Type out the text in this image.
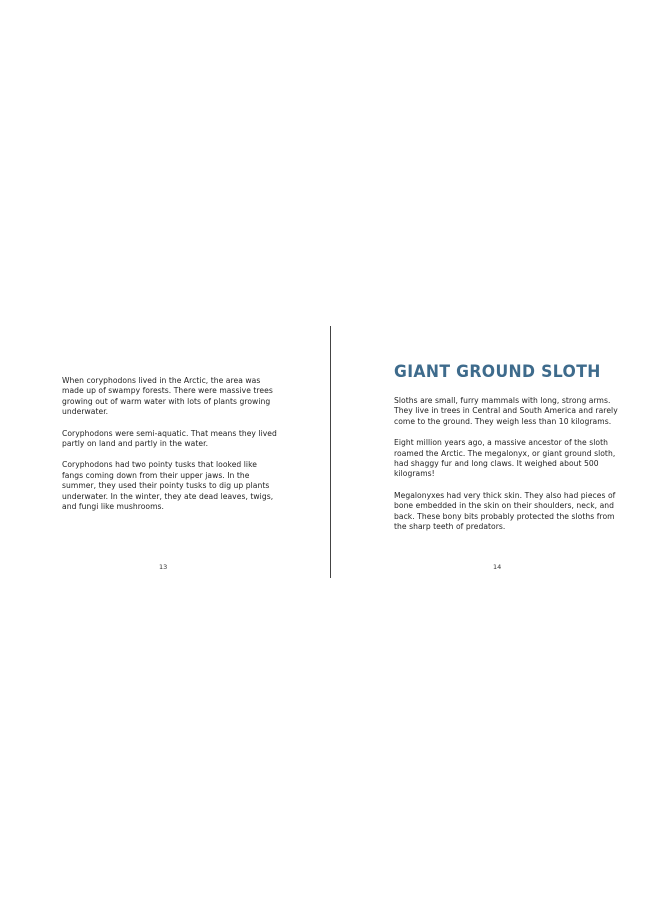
When coryphodons lived in the Arctic, the area was made up of swampy forests. There were massive trees growing out of warm water with lots of plants growing underwater.

Coryphodons were semi-aquatic. That means they lived partly on land and partly in the water.

Coryphodons had two pointy tusks that looked like fangs coming down from their upper jaws. In the summer, they used their pointy tusks to dig up plants underwater. In the winter, they ate dead leaves, twigs, and fungi like mushrooms.

GIANT GROUND SLOTH

Sloths are small, furry mammals with long, strong arms. They live in trees in Central and South America and rarely come to the ground. They weigh less than 10 kilograms.

Eight million years ago, a massive ancestor of the sloth roamed the Arctic. The megalonyx, or giant ground sloth, had shaggy fur and long claws. It weighed about 500 kilograms!

Megalonyxes had very thick skin. They also had pieces of bone embedded in the skin on their shoulders, neck, and back. These bony bits probably protected the sloths from the sharp teeth of predators.

13	14
